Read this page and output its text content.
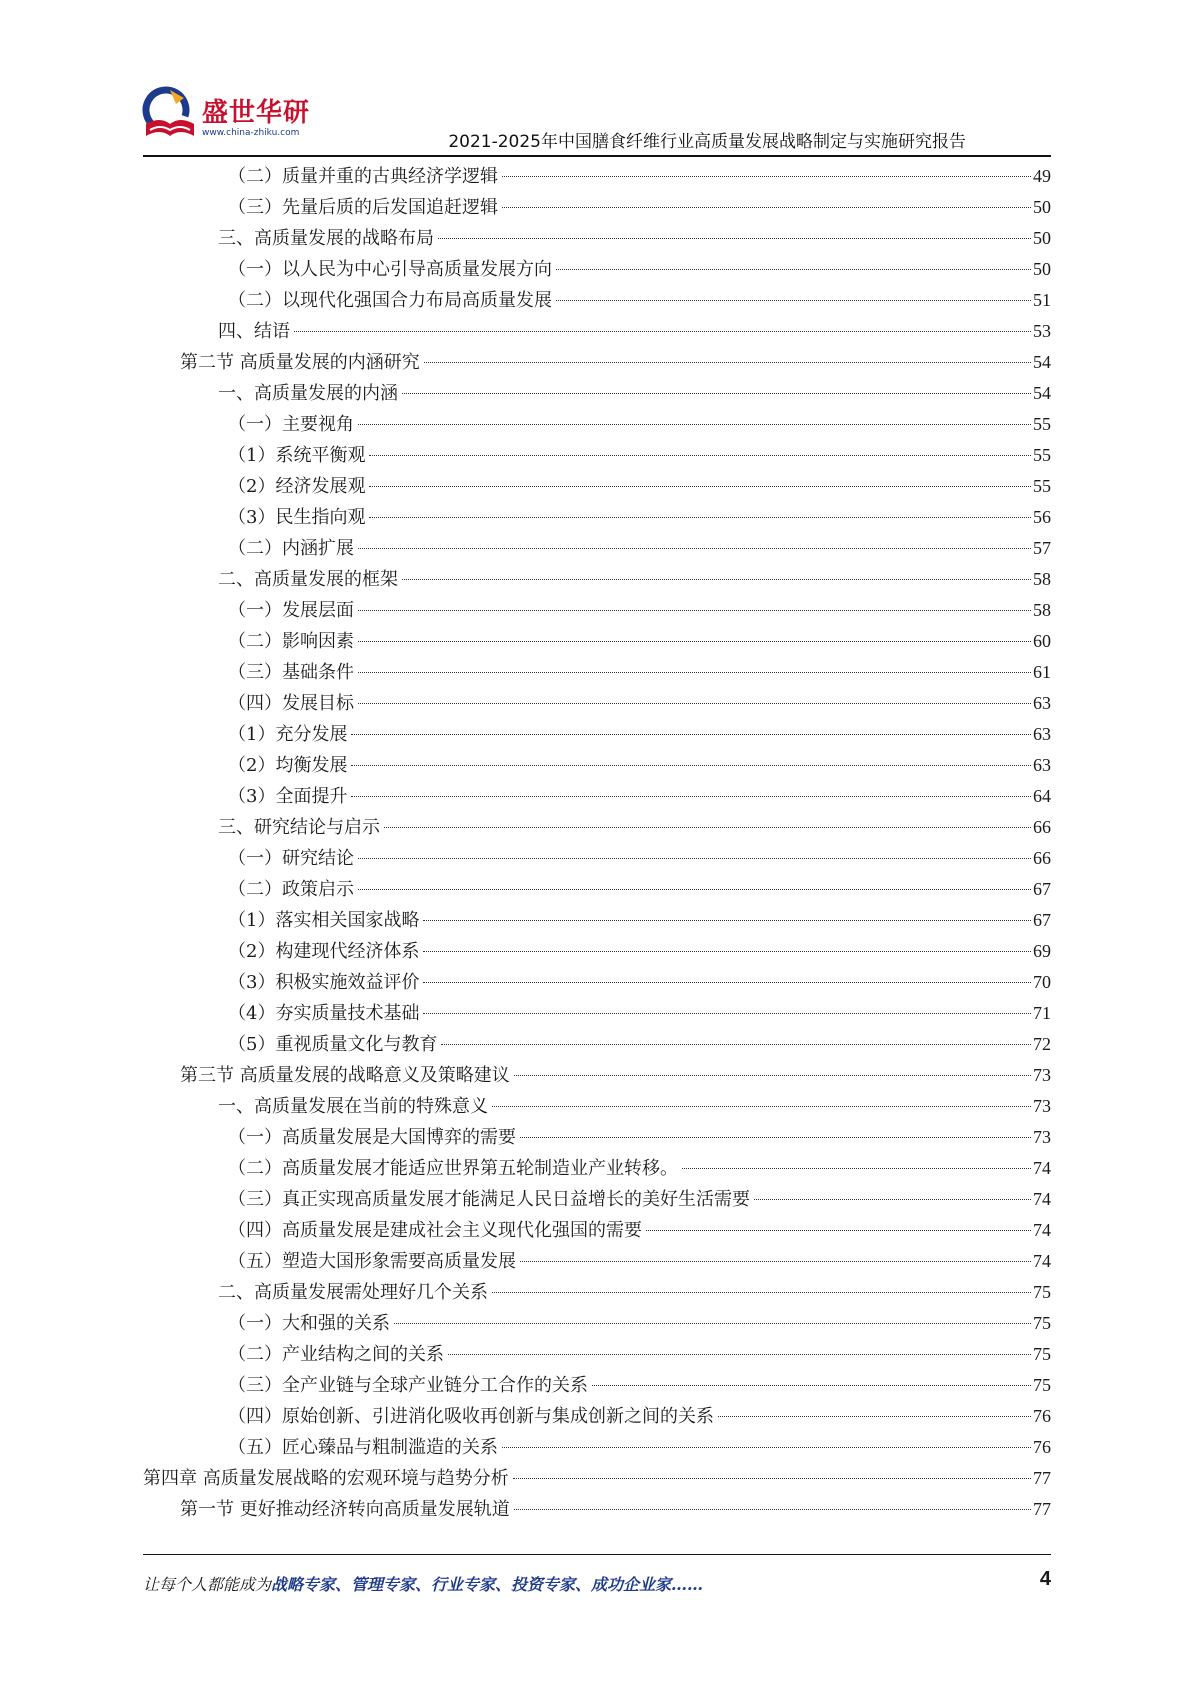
盛世华研
www.china-zhiku.com	2021-2025年中国膳食纤维行业高质量发展战略制定与实施研究报告
（二）质量并重的古典经济学逻辑	49
（三）先量后质的后发国追赶逻辑	50
三、高质量发展的战略布局	50
（一）以人民为中心引导高质量发展方向	50
（二）以现代化强国合力布局高质量发展	51
四、结语	53
第二节 高质量发展的内涵研究	54
一、高质量发展的内涵	54
（一）主要视角	55
（1）系统平衡观	55
（2）经济发展观	55
（3）民生指向观	56
（二）内涵扩展	57
二、高质量发展的框架	58
（一）发展层面	58
（二）影响因素	60
（三）基础条件	61
（四）发展目标	63
（1）充分发展	63
（2）均衡发展	63
（3）全面提升	64
三、研究结论与启示	66
（一）研究结论	66
（二）政策启示	67
（1）落实相关国家战略	67
（2）构建现代经济体系	69
（3）积极实施效益评价	70
（4）夯实质量技术基础	71
（5）重视质量文化与教育	72
第三节 高质量发展的战略意义及策略建议	73
一、高质量发展在当前的特殊意义	73
（一）高质量发展是大国博弈的需要	73
（二）高质量发展才能适应世界第五轮制造业产业转移。	74
（三）真正实现高质量发展才能满足人民日益增长的美好生活需要	74
（四）高质量发展是建成社会主义现代化强国的需要	74
（五）塑造大国形象需要高质量发展	74
二、高质量发展需处理好几个关系	75
（一）大和强的关系	75
（二）产业结构之间的关系	75
（三）全产业链与全球产业链分工合作的关系	75
（四）原始创新、引进消化吸收再创新与集成创新之间的关系	76
（五）匠心臻品与粗制滥造的关系	76
第四章 高质量发展战略的宏观环境与趋势分析	77
第一节 更好推动经济转向高质量发展轨道	77
让每个人都能成为战略专家、管理专家、行业专家、投资专家、成功企业家……	4
